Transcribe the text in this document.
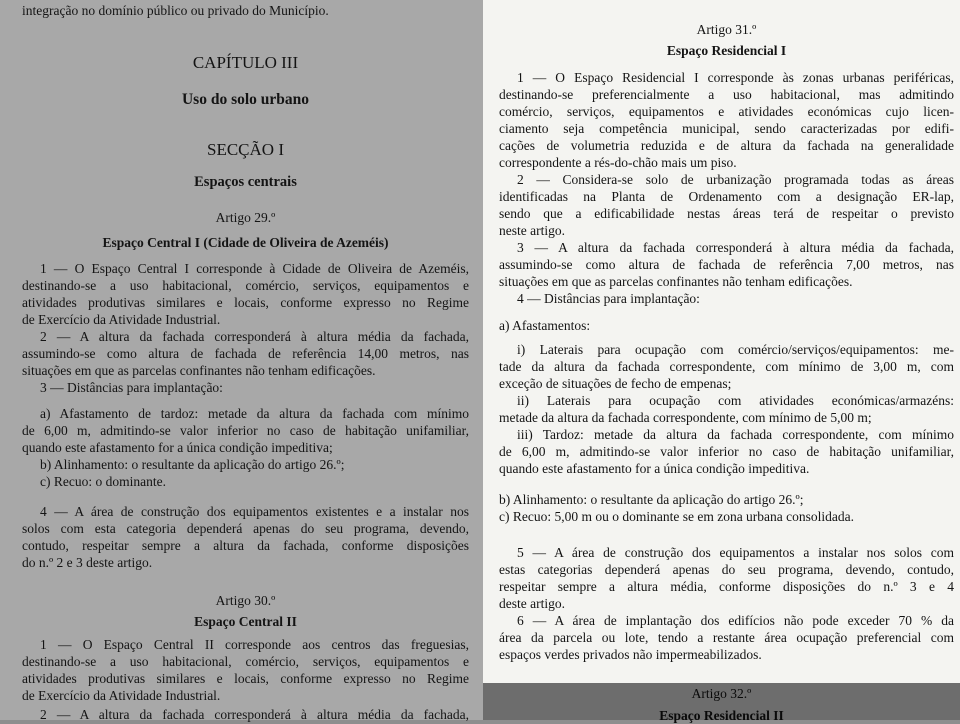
integração no domínio público ou privado do Município.
CAPÍTULO III
Uso do solo urbano
SECÇÃO I
Espaços centrais
Artigo 29.º
Espaço Central I (Cidade de Oliveira de Azeméis)
1 — O Espaço Central I corresponde à Cidade de Oliveira de Azeméis,
destinando-se a uso habitacional, comércio, serviços, equipamentos e
atividades produtivas similares e locais, conforme expresso no Regime
de Exercício da Atividade Industrial.
2 — A altura da fachada corresponderá à altura média da fachada,
assumindo-se como altura de fachada de referência 14,00 metros, nas
situações em que as parcelas confinantes não tenham edificações.
3 — Distâncias para implantação:
a) Afastamento de tardoz: metade da altura da fachada com mínimo
de 6,00 m, admitindo-se valor inferior no caso de habitação unifamiliar,
quando este afastamento for a única condição impeditiva;
b) Alinhamento: o resultante da aplicação do artigo 26.º;
c) Recuo: o dominante.
4 — A área de construção dos equipamentos existentes e a instalar nos
solos com esta categoria dependerá apenas do seu programa, devendo,
contudo, respeitar sempre a altura da fachada, conforme disposições
do n.º 2 e 3 deste artigo.
Artigo 30.º
Espaço Central II
1 — O Espaço Central II corresponde aos centros das freguesias,
destinando-se a uso habitacional, comércio, serviços, equipamentos e
atividades produtivas similares e locais, conforme expresso no Regime
de Exercício da Atividade Industrial.
2 — A altura da fachada corresponderá à altura média da fachada,
Artigo 31.º
Espaço Residencial I
1 — O Espaço Residencial I corresponde às zonas urbanas periféricas,
destinando-se preferencialmente a uso habitacional, mas admitindo
comércio, serviços, equipamentos e atividades económicas cujo licen-
ciamento seja competência municipal, sendo caracterizadas por edifi-
cações de volumetria reduzida e de altura da fachada na generalidade
correspondente a rés-do-chão mais um piso.
2 — Considera-se solo de urbanização programada todas as áreas
identificadas na Planta de Ordenamento com a designação ER-lap,
sendo que a edificabilidade nestas áreas terá de respeitar o previsto
neste artigo.
3 — A altura da fachada corresponderá à altura média da fachada,
assumindo-se como altura de fachada de referência 7,00 metros, nas
situações em que as parcelas confinantes não tenham edificações.
4 — Distâncias para implantação:
a) Afastamentos:
i) Laterais para ocupação com comércio/serviços/equipamentos: me-
tade da altura da fachada correspondente, com mínimo de 3,00 m, com
exceção de situações de fecho de empenas;
ii) Laterais para ocupação com atividades económicas/armazéns:
metade da altura da fachada correspondente, com mínimo de 5,00 m;
iii) Tardoz: metade da altura da fachada correspondente, com mínimo
de 6,00 m, admitindo-se valor inferior no caso de habitação unifamiliar,
quando este afastamento for a única condição impeditiva.
b) Alinhamento: o resultante da aplicação do artigo 26.º;
c) Recuo: 5,00 m ou o dominante se em zona urbana consolidada.
5 — A área de construção dos equipamentos a instalar nos solos com
estas categorias dependerá apenas do seu programa, devendo, contudo,
respeitar sempre a altura média, conforme disposições do n.º 3 e 4
deste artigo.
6 — A área de implantação dos edifícios não pode exceder 70 % da
área da parcela ou lote, tendo a restante área ocupação preferencial com
espaços verdes privados não impermeabilizados.
Artigo 32.º
Espaço Residencial II
